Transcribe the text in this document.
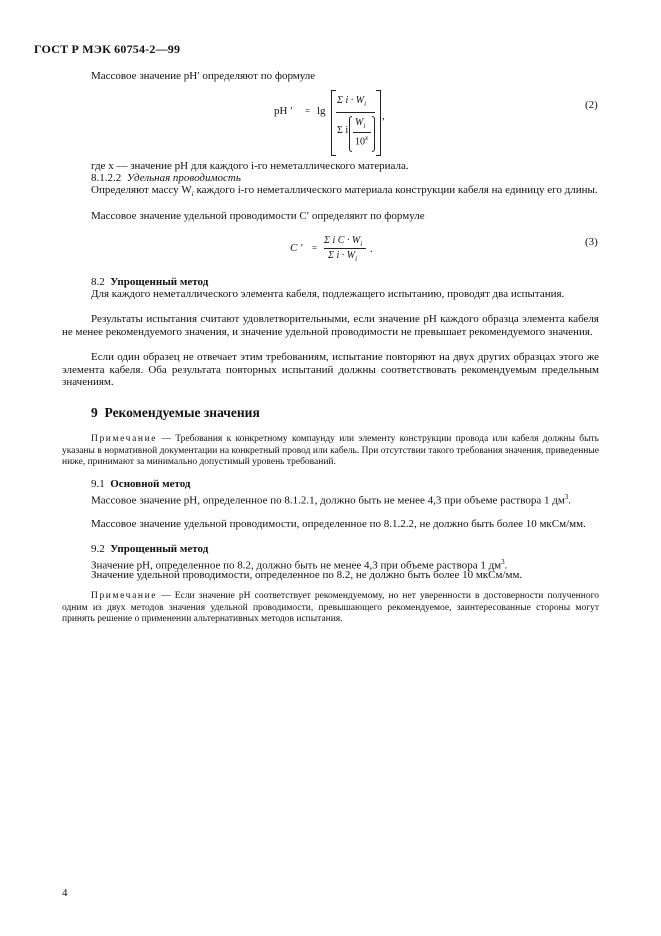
ГОСТ Р МЭК 60754-2—99
Массовое значение pH′ определяют по формуле
pH ′ = lg
Σ $i \cdot W_i$
Σ i
$W_i$
10$^x$
,
(2)
где x — значение pH для каждого i-го неметаллического материала.
8.1.2.2 Удельная проводимость
Определяют массу $W_i$ каждого i-го неметаллического материала конструкции кабеля на единицу его длины.
Массовое значение удельной проводимости C′ определяют по формуле
C ′ =
Σ i $C \cdot W_i$
Σ $i \cdot W_i$
.
(3)
8.2 Упрощенный метод
Для каждого неметаллического элемента кабеля, подлежащего испытанию, проводят два испытания.
Результаты испытания считают удовлетворительными, если значение pH каждого образца элемента кабеля не менее рекомендуемого значения, и значение удельной проводимости не превышает рекомендуемого значения.
Если один образец не отвечает этим требованиям, испытание повторяют на двух других образцах этого же элемента кабеля. Оба результата повторных испытаний должны соответствовать рекомендуемым предельным значениям.
9 Рекомендуемые значения
Примечание — Требования к конкретному компаунду или элементу конструкции провода или кабеля должны быть указаны в нормативной документации на конкретный провод или кабель. При отсутствии такого требования значения, приведенные ниже, принимают за минимально допустимый уровень требований.
9.1 Основной метод
Массовое значение pH, определенное по 8.1.2.1, должно быть не менее 4,3 при объеме раствора 1 $дм^3$.
Массовое значение удельной проводимости, определенное по 8.1.2.2, не должно быть более 10 мкСм/мм.
9.2 Упрощенный метод
Значение pH, определенное по 8.2, должно быть не менее 4,3 при объеме раствора 1 $дм^3$.
Значение удельной проводимости, определенное по 8.2, не должно быть более 10 мкСм/мм.
Примечание — Если значение pH соответствует рекомендуемому, но нет уверенности в достоверности полученного одним из двух методов значения удельной проводимости, превышающего рекомендуемое, заинтересованные стороны могут принять решение о применении альтернативных методов испытания.
4
